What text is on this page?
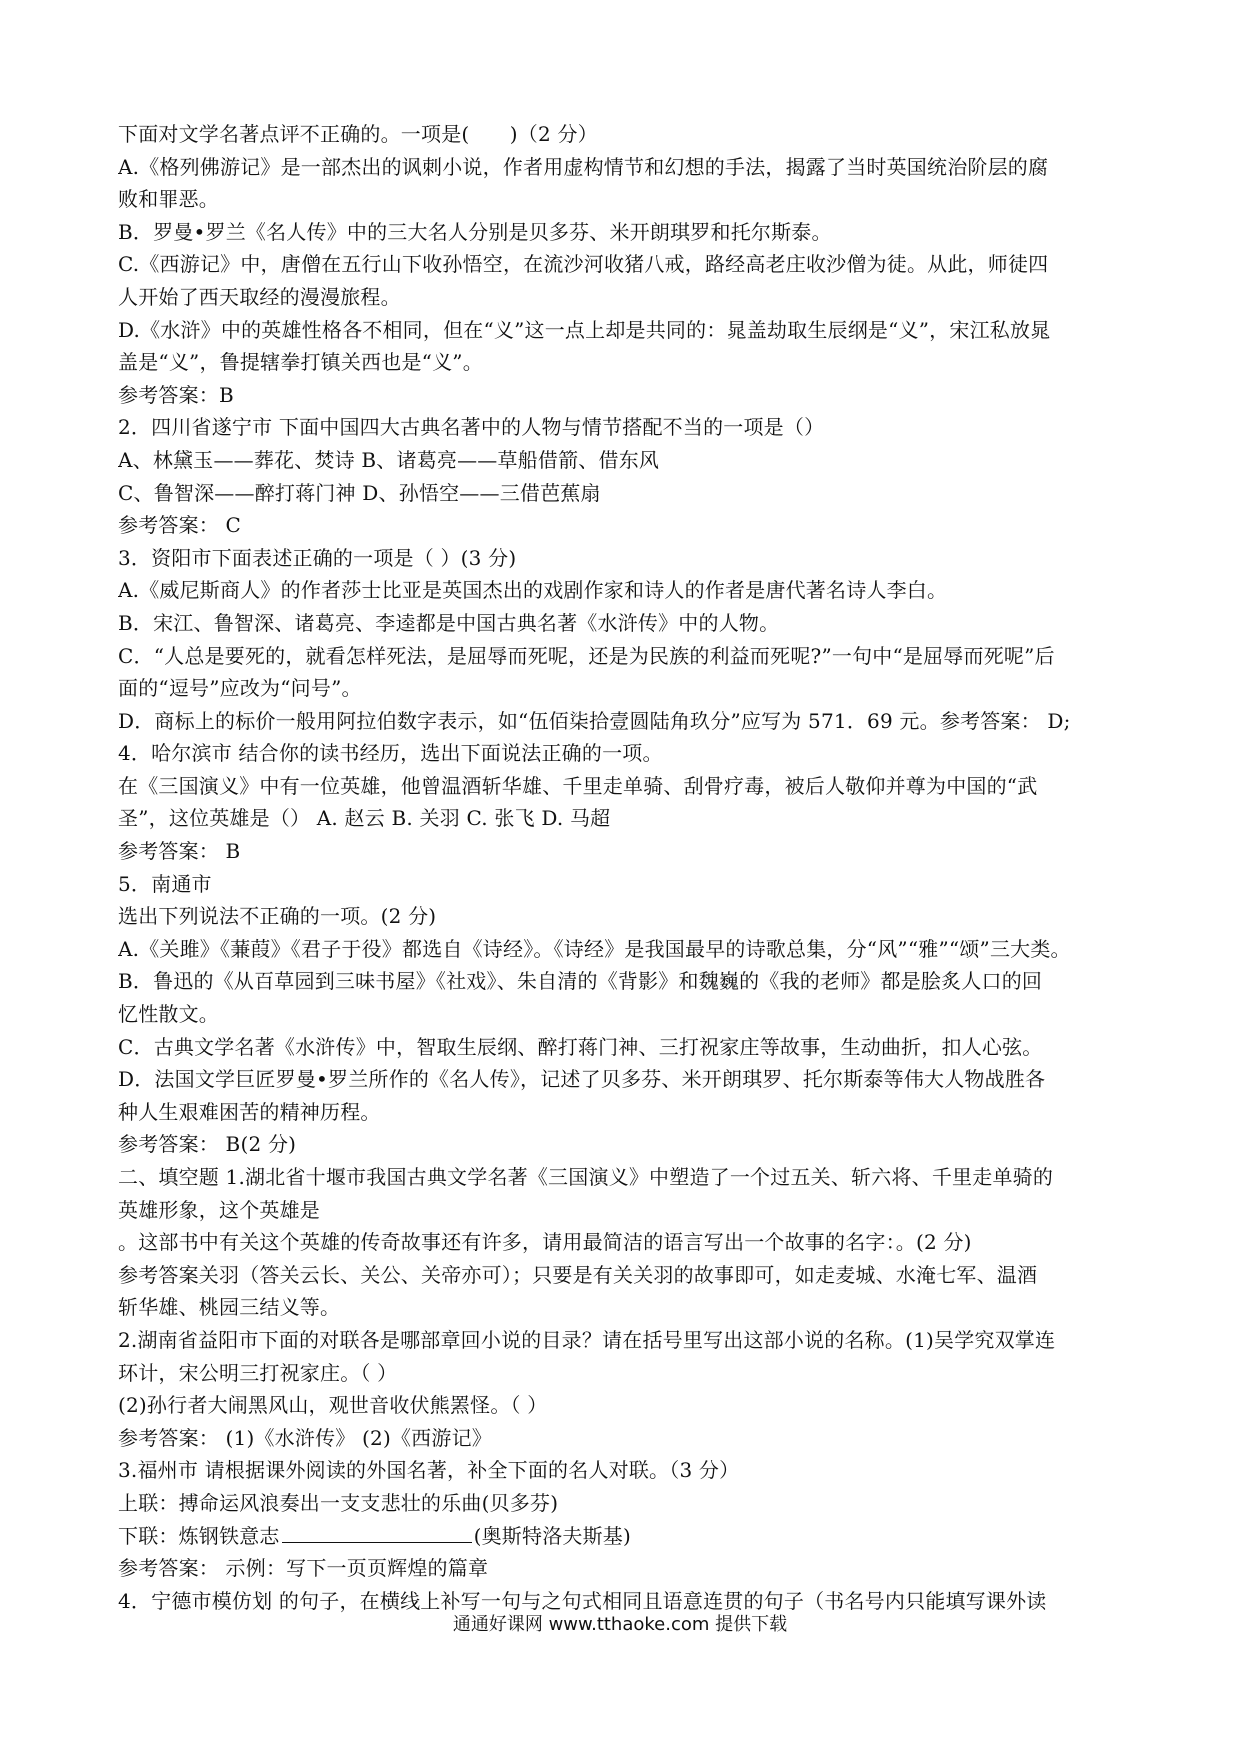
下面对文学名著点评不正确的。一项是(　　)（2 分）
A.《格列佛游记》是一部杰出的讽刺小说，作者用虚构情节和幻想的手法，揭露了当时英国统治阶层的腐
败和罪恶。
B．罗曼•罗兰《名人传》中的三大名人分别是贝多芬、米开朗琪罗和托尔斯泰。
C.《西游记》中，唐僧在五行山下收孙悟空，在流沙河收猪八戒，路经高老庄收沙僧为徒。从此，师徒四
人开始了西天取经的漫漫旅程。
D.《水浒》中的英雄性格各不相同，但在“义”这一点上却是共同的：晁盖劫取生辰纲是“义”，宋江私放晁
盖是“义”，鲁提辖拳打镇关西也是“义”。
参考答案：B
2．四川省遂宁市 下面中国四大古典名著中的人物与情节搭配不当的一项是（）
A、林黛玉——葬花、焚诗 B、诸葛亮——草船借箭、借东风
C、鲁智深——醉打蒋门神 D、孙悟空——三借芭蕉扇
参考答案： C
3．资阳市下面表述正确的一项是（ ）(3 分)
A.《威尼斯商人》的作者莎士比亚是英国杰出的戏剧作家和诗人的作者是唐代著名诗人李白。
B．宋江、鲁智深、诸葛亮、李逵都是中国古典名著《水浒传》中的人物。
C．“人总是要死的，就看怎样死法，是屈辱而死呢，还是为民族的利益而死呢?”一句中“是屈辱而死呢”后
面的“逗号”应改为“问号”。
D．商标上的标价一般用阿拉伯数字表示，如“伍佰柒拾壹圆陆角玖分”应写为 571．69 元。参考答案： D;
4．哈尔滨市 结合你的读书经历，选出下面说法正确的一项。
在《三国演义》中有一位英雄，他曾温酒斩华雄、千里走单骑、刮骨疗毒，被后人敬仰并尊为中国的“武
圣”，这位英雄是（） A. 赵云 B. 关羽 C. 张飞 D. 马超
参考答案： B
5．南通市
选出下列说法不正确的一项。(2 分)
A.《关雎》《蒹葭》《君子于役》都选自《诗经》。《诗经》是我国最早的诗歌总集，分“风”“雅”“颂”三大类。
B．鲁迅的《从百草园到三味书屋》《社戏》、朱自清的《背影》和魏巍的《我的老师》都是脍炙人口的回
忆性散文。
C．古典文学名著《水浒传》中，智取生辰纲、醉打蒋门神、三打祝家庄等故事，生动曲折，扣人心弦。
D．法国文学巨匠罗曼•罗兰所作的《名人传》，记述了贝多芬、米开朗琪罗、托尔斯泰等伟大人物战胜各
种人生艰难困苦的精神历程。
参考答案： B(2 分)
二、填空题 1.湖北省十堰市我国古典文学名著《三国演义》中塑造了一个过五关、斩六将、千里走单骑的
英雄形象，这个英雄是
。这部书中有关这个英雄的传奇故事还有许多，请用最简洁的语言写出一个故事的名字：。(2 分)
参考答案关羽（答关云长、关公、关帝亦可）；只要是有关关羽的故事即可，如走麦城、水淹七军、温酒
斩华雄、桃园三结义等。
2.湖南省益阳市下面的对联各是哪部章回小说的目录？请在括号里写出这部小说的名称。(1)吴学究双掌连
环计，宋公明三打祝家庄。（ ）
(2)孙行者大闹黑风山，观世音收伏熊罴怪。（ ）
参考答案： (1)《水浒传》 (2)《西游记》
3.福州市 请根据课外阅读的外国名著，补全下面的名人对联。（3 分）
上联：搏命运风浪奏出一支支悲壮的乐曲(贝多芬)
下联：炼钢铁意志	(奥斯特洛夫斯基)
参考答案： 示例：写下一页页辉煌的篇章
4．宁德市模仿划 的句子，在横线上补写一句与之句式相同且语意连贯的句子（书名号内只能填写课外读
通通好课网 www.tthaoke.com 提供下载
